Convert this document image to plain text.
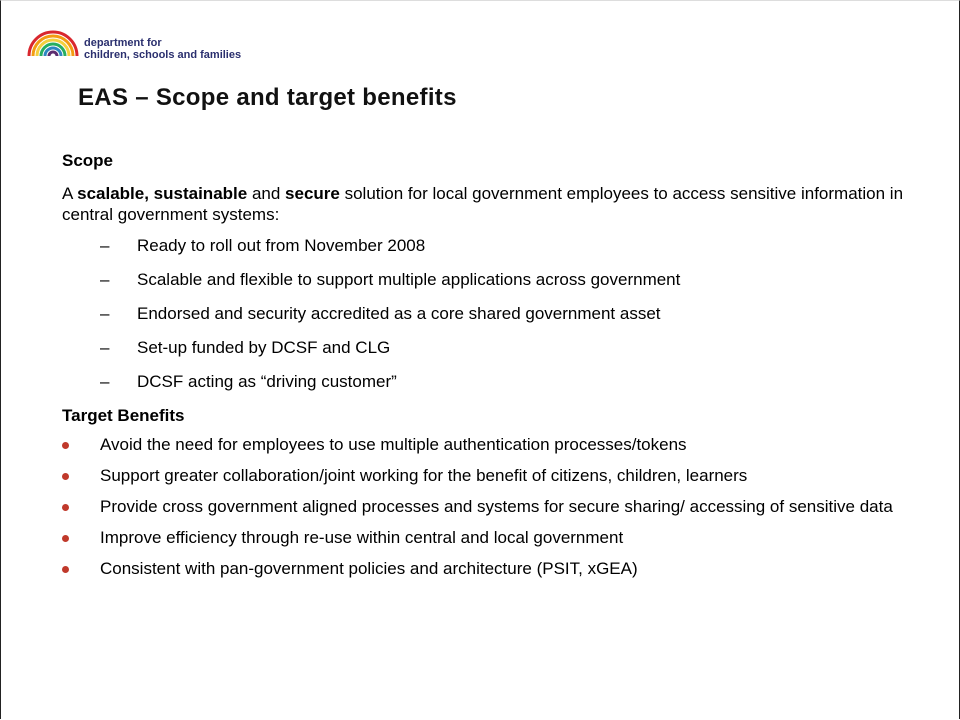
department for
children, schools and families
EAS – Scope and target benefits

Scope

A scalable, sustainable and secure solution for local government employees to access sensitive information in central government systems:

– Ready to roll out from November 2008
– Scalable and flexible to support multiple applications across government
– Endorsed and security accredited as a core shared government asset
– Set-up funded by DCSF and CLG
– DCSF acting as “driving customer”

Target Benefits

Avoid the need for employees to use multiple authentication processes/tokens
Support greater collaboration/joint working for the benefit of citizens, children, learners
Provide cross government aligned processes and systems for secure sharing/ accessing of sensitive data
Improve efficiency through re-use within central and local government
Consistent with pan-government policies and architecture (PSIT, xGEA)
